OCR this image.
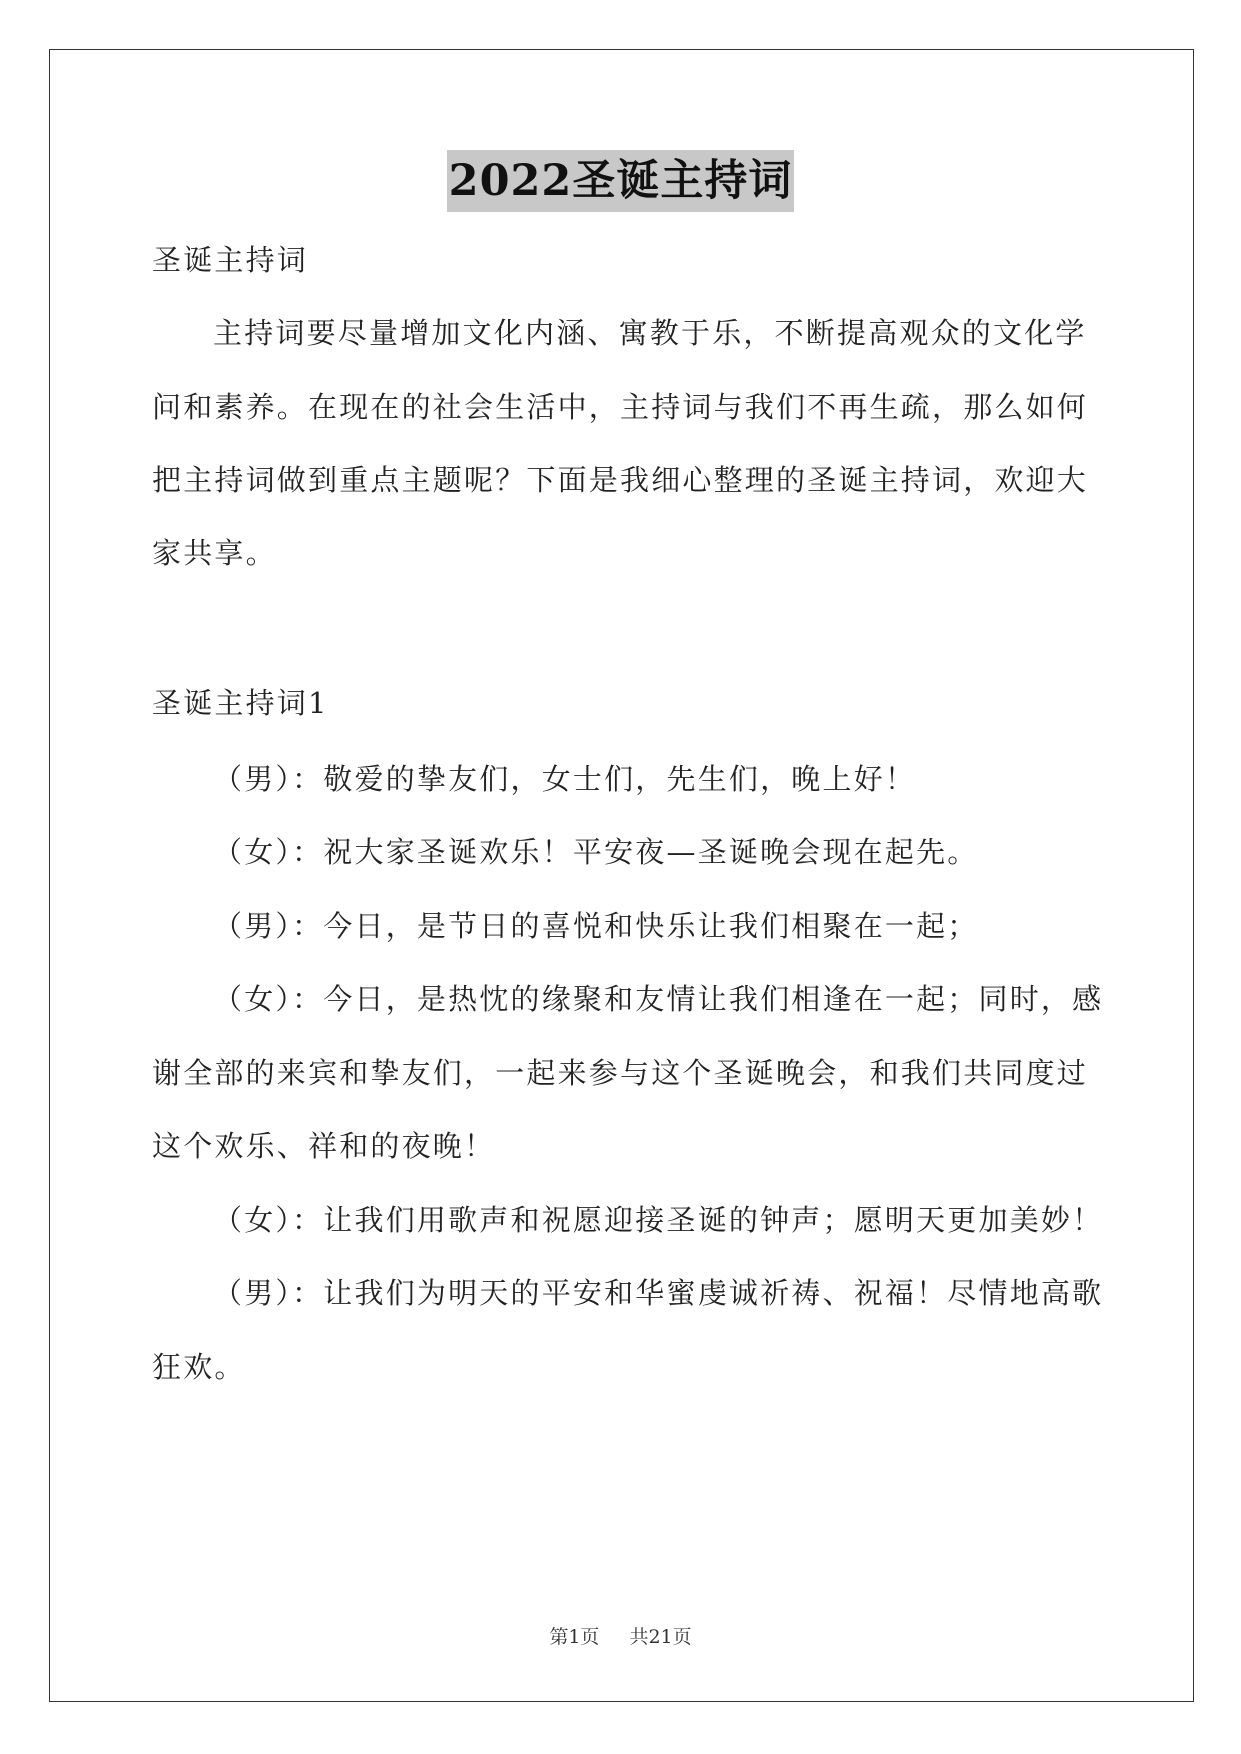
2022圣诞主持词
圣诞主持词
主持词要尽量增加文化内涵、寓教于乐，不断提高观众的文化学
问和素养。在现在的社会生活中，主持词与我们不再生疏，那么如何
把主持词做到重点主题呢？下面是我细心整理的圣诞主持词，欢迎大
家共享。
圣诞主持词1
（男）：敬爱的挚友们，女士们，先生们，晚上好！
（女）：祝大家圣诞欢乐！平安夜—圣诞晚会现在起先。
（男）：今日，是节日的喜悦和快乐让我们相聚在一起；
（女）：今日，是热忱的缘聚和友情让我们相逢在一起；同时，感
谢全部的来宾和挚友们，一起来参与这个圣诞晚会，和我们共同度过
这个欢乐、祥和的夜晚！
（女）：让我们用歌声和祝愿迎接圣诞的钟声；愿明天更加美妙！
（男）：让我们为明天的平安和华蜜虔诚祈祷、祝福！尽情地高歌
狂欢。
第1页 共21页
